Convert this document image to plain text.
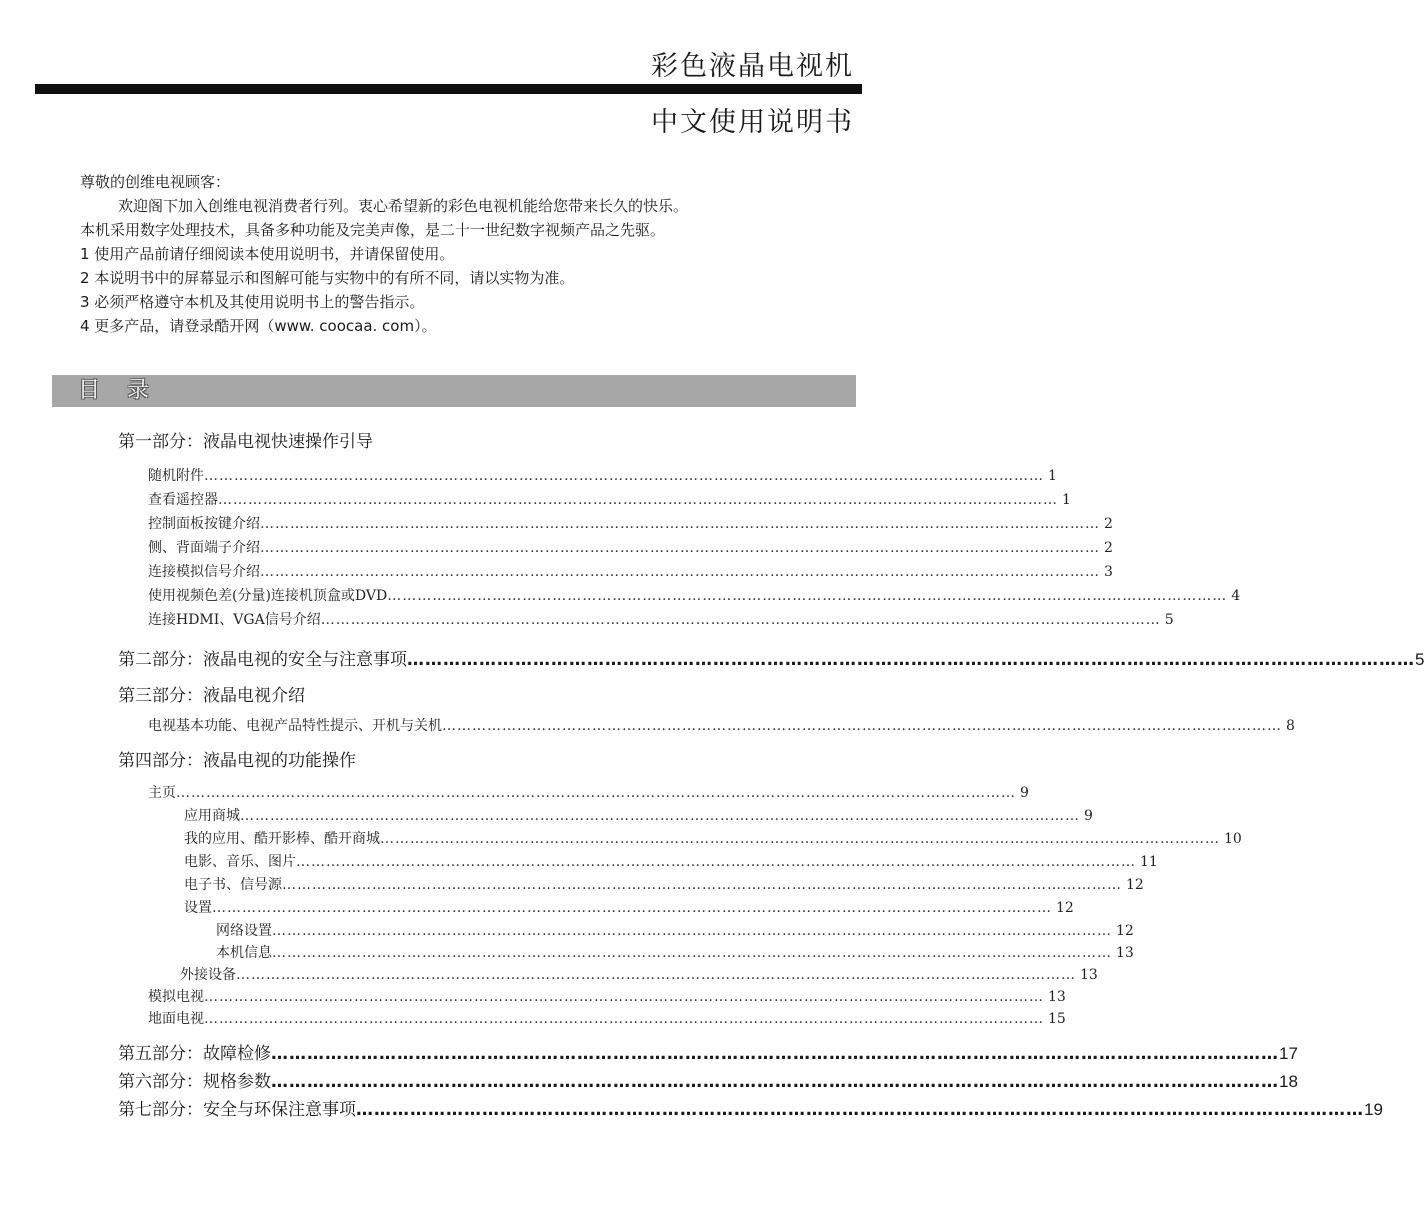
彩色液晶电视机
中文使用说明书
尊敬的创维电视顾客：
欢迎阁下加入创维电视消费者行列。衷心希望新的彩色电视机能给您带来长久的快乐。
本机采用数字处理技术，具备多种功能及完美声像，是二十一世纪数字视频产品之先驱。
1 使用产品前请仔细阅读本使用说明书，并请保留使用。
2 本说明书中的屏幕显示和图解可能与实物中的有所不同，请以实物为准。
3 必须严格遵守本机及其使用说明书上的警告指示。
4 更多产品，请登录酷开网（www. coocaa. com）。
目 录
第一部分：液晶电视快速操作引导
随机附件 …………………………………………………………………………………………………………………………………………………… 1
查看遥控器 …………………………………………………………………………………………………………………………………………………… 1
控制面板按键介绍 …………………………………………………………………………………………………………………………………………………… 2
侧、背面端子介绍 …………………………………………………………………………………………………………………………………………………… 2
连接模拟信号介绍 …………………………………………………………………………………………………………………………………………………… 3
使用视频色差(分量)连接机顶盒或DVD …………………………………………………………………………………………………………………………………………………… 4
连接HDMI、VGA信号介绍 …………………………………………………………………………………………………………………………………………………… 5
第二部分：液晶电视的安全与注意事项 …………………………………………………………………………………………………………………………………………………… 5
第三部分：液晶电视介绍
电视基本功能、电视产品特性提示、开机与关机 …………………………………………………………………………………………………………………………………………………… 8
第四部分：液晶电视的功能操作
主页 …………………………………………………………………………………………………………………………………………………… 9
应用商城 …………………………………………………………………………………………………………………………………………………… 9
我的应用、酷开影棒、酷开商城 …………………………………………………………………………………………………………………………………………………… 10
电影、音乐、图片 …………………………………………………………………………………………………………………………………………………… 11
电子书、信号源 …………………………………………………………………………………………………………………………………………………… 12
设置 …………………………………………………………………………………………………………………………………………………… 12
网络设置 …………………………………………………………………………………………………………………………………………………… 12
本机信息 …………………………………………………………………………………………………………………………………………………… 13
外接设备 …………………………………………………………………………………………………………………………………………………… 13
模拟电视 …………………………………………………………………………………………………………………………………………………… 13
地面电视 …………………………………………………………………………………………………………………………………………………… 15
第五部分：故障检修 …………………………………………………………………………………………………………………………………………………… 17
第六部分：规格参数 …………………………………………………………………………………………………………………………………………………… 18
第七部分：安全与环保注意事项 …………………………………………………………………………………………………………………………………………………… 19
